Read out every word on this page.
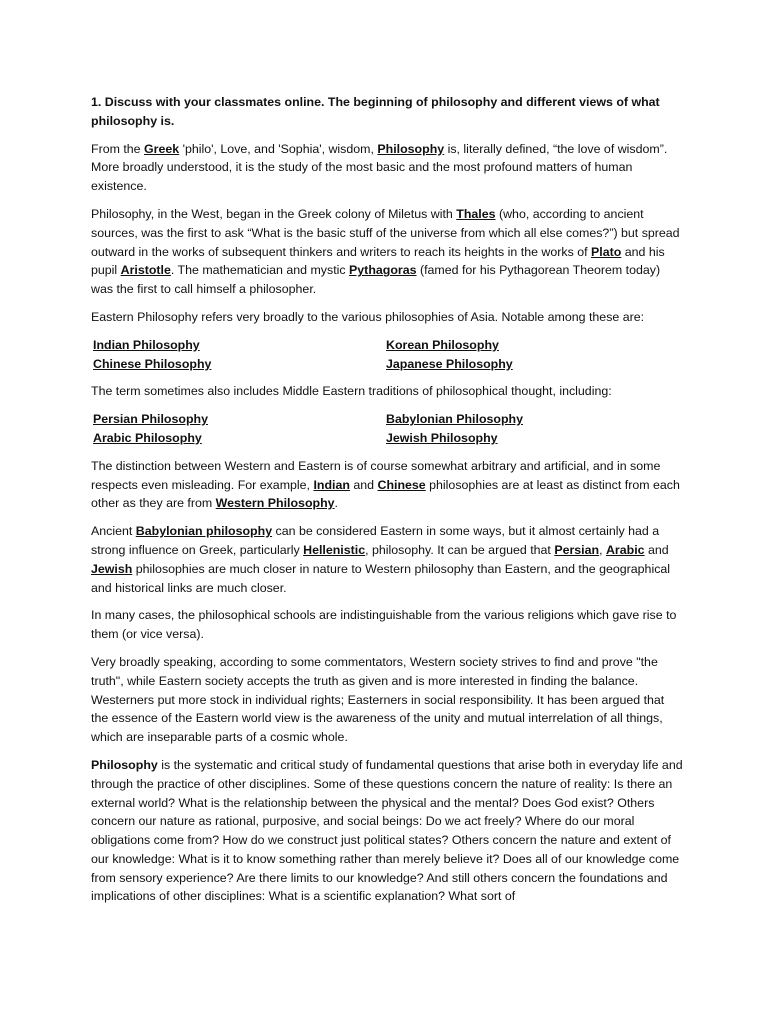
1. Discuss with your classmates online. The beginning of philosophy and different views of what philosophy is.

From the Greek 'philo', Love, and 'Sophia', wisdom, Philosophy is, literally defined, “the love of wisdom”. More broadly understood, it is the study of the most basic and the most profound matters of human existence.

Philosophy, in the West, began in the Greek colony of Miletus with Thales (who, according to ancient sources, was the first to ask “What is the basic stuff of the universe from which all else comes?”) but spread outward in the works of subsequent thinkers and writers to reach its heights in the works of Plato and his pupil Aristotle. The mathematician and mystic Pythagoras (famed for his Pythagorean Theorem today) was the first to call himself a philosopher.

Eastern Philosophy refers very broadly to the various philosophies of Asia. Notable among these are:

Indian Philosophy	Korean Philosophy
Chinese Philosophy	Japanese Philosophy

The term sometimes also includes Middle Eastern traditions of philosophical thought, including:

Persian Philosophy	Babylonian Philosophy
Arabic Philosophy	Jewish Philosophy

The distinction between Western and Eastern is of course somewhat arbitrary and artificial, and in some respects even misleading. For example, Indian and Chinese philosophies are at least as distinct from each other as they are from Western Philosophy.

Ancient Babylonian philosophy can be considered Eastern in some ways, but it almost certainly had a strong influence on Greek, particularly Hellenistic, philosophy. It can be argued that Persian, Arabic and Jewish philosophies are much closer in nature to Western philosophy than Eastern, and the geographical and historical links are much closer.

In many cases, the philosophical schools are indistinguishable from the various religions which gave rise to them (or vice versa).

Very broadly speaking, according to some commentators, Western society strives to find and prove "the truth", while Eastern society accepts the truth as given and is more interested in finding the balance. Westerners put more stock in individual rights; Easterners in social responsibility. It has been argued that the essence of the Eastern world view is the awareness of the unity and mutual interrelation of all things, which are inseparable parts of a cosmic whole.

Philosophy is the systematic and critical study of fundamental questions that arise both in everyday life and through the practice of other disciplines. Some of these questions concern the nature of reality: Is there an external world? What is the relationship between the physical and the mental? Does God exist? Others concern our nature as rational, purposive, and social beings: Do we act freely? Where do our moral obligations come from? How do we construct just political states? Others concern the nature and extent of our knowledge: What is it to know something rather than merely believe it? Does all of our knowledge come from sensory experience? Are there limits to our knowledge? And still others concern the foundations and implications of other disciplines: What is a scientific explanation? What sort of
